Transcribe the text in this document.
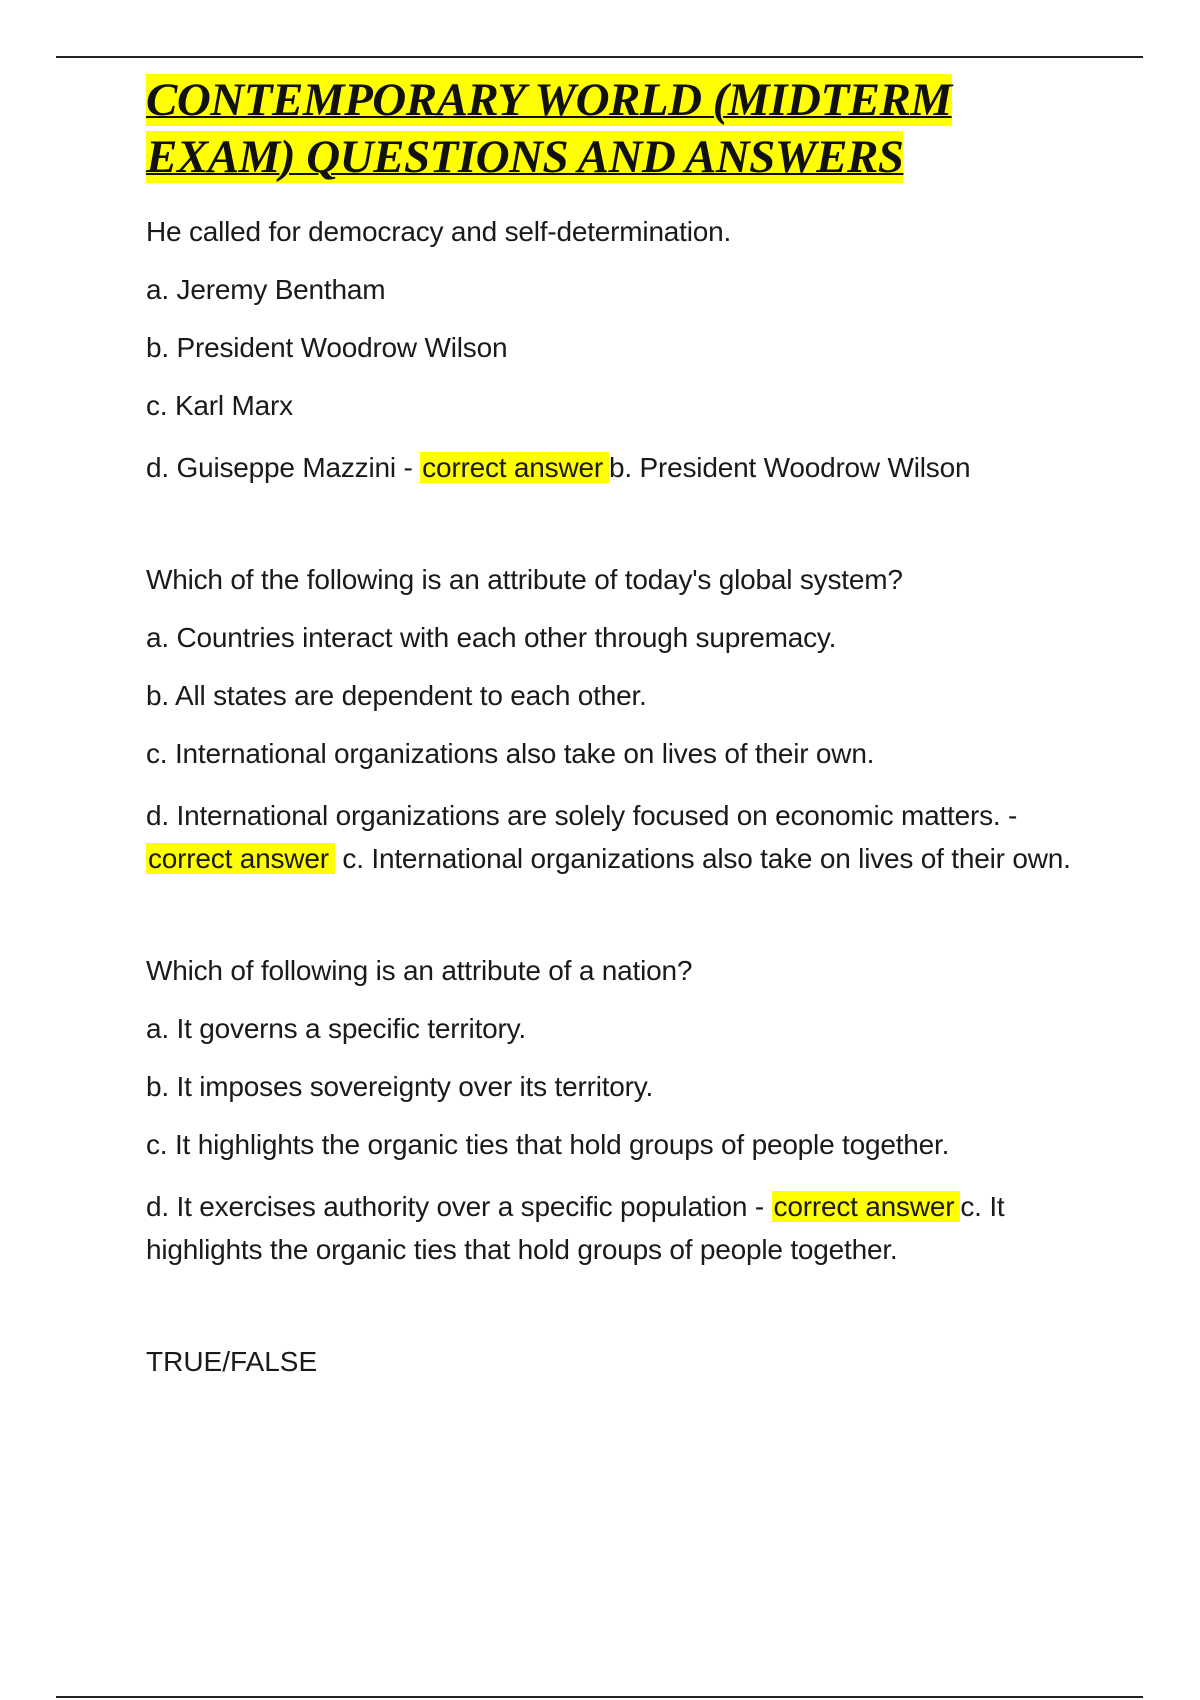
CONTEMPORARY WORLD (MIDTERM EXAM) QUESTIONS AND ANSWERS

He called for democracy and self-determination.

a. Jeremy Bentham

b. President Woodrow Wilson

c. Karl Marx

d. Guiseppe Mazzini - correct answer b. President Woodrow Wilson

Which of the following is an attribute of today's global system?

a. Countries interact with each other through supremacy.

b. All states are dependent to each other.

c. International organizations also take on lives of their own.

d. International organizations are solely focused on economic matters. - correct answer c. International organizations also take on lives of their own.

Which of following is an attribute of a nation?

a. It governs a specific territory.

b. It imposes sovereignty over its territory.

c. It highlights the organic ties that hold groups of people together.

d. It exercises authority over a specific population - correct answer c. It highlights the organic ties that hold groups of people together.

TRUE/FALSE
